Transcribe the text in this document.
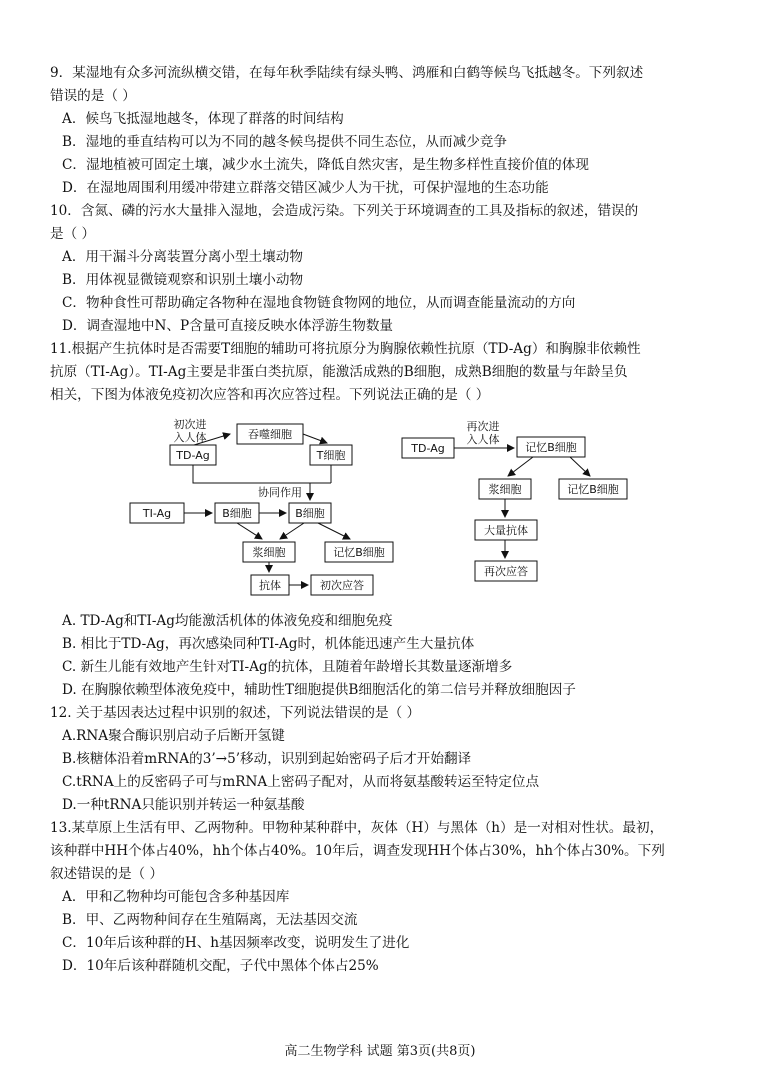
9．某湿地有众多河流纵横交错，在每年秋季陆续有绿头鸭、鸿雁和白鹤等候鸟飞抵越冬。下列叙述
错误的是（ ）
A．候鸟飞抵湿地越冬，体现了群落的时间结构
B．湿地的垂直结构可以为不同的越冬候鸟提供不同生态位，从而减少竞争
C．湿地植被可固定土壤，减少水土流失，降低自然灾害，是生物多样性直接价值的体现
D．在湿地周围利用缓冲带建立群落交错区减少人为干扰，可保护湿地的生态功能
10．含氮、磷的污水大量排入湿地，会造成污染。下列关于环境调查的工具及指标的叙述，错误的
是（ ）
A．用干漏斗分离装置分离小型土壤动物
B．用体视显微镜观察和识别土壤小动物
C．物种食性可帮助确定各物种在湿地食物链食物网的地位，从而调查能量流动的方向
D．调查湿地中N、P含量可直接反映水体浮游生物数量
11.根据产生抗体时是否需要T细胞的辅助可将抗原分为胸腺依赖性抗原（TD-Ag）和胸腺非依赖性
抗原（TI-Ag）。TI-Ag主要是非蛋白类抗原，能激活成熟的B细胞，成熟B细胞的数量与年龄呈负
相关，下图为体液免疫初次应答和再次应答过程。下列说法正确的是（ ）
初次进
入人体
TD-Ag
吞噬细胞
T细胞
协同作用
TI-Ag	B细胞	B细胞
浆细胞	记忆B细胞
抗体	初次应答
再次进
入人体
TD-Ag	记忆B细胞
浆细胞	记忆B细胞
大量抗体
再次应答
A. TD-Ag和TI-Ag均能激活机体的体液免疫和细胞免疫
B. 相比于TD-Ag，再次感染同种TI-Ag时，机体能迅速产生大量抗体
C. 新生儿能有效地产生针对TI-Ag的抗体，且随着年龄增长其数量逐渐增多
D. 在胸腺依赖型体液免疫中，辅助性T细胞提供B细胞活化的第二信号并释放细胞因子
12. 关于基因表达过程中识别的叙述，下列说法错误的是（ ）
A.RNA聚合酶识别启动子后断开氢键
B.核糖体沿着mRNA的3’→5’移动，识别到起始密码子后才开始翻译
C.tRNA上的反密码子可与mRNA上密码子配对，从而将氨基酸转运至特定位点
D.一种tRNA只能识别并转运一种氨基酸
13.某草原上生活有甲、乙两物种。甲物种某种群中，灰体（H）与黑体（h）是一对相对性状。最初，
该种群中HH个体占40%，hh个体占40%。10年后，调查发现HH个体占30%，hh个体占30%。下列
叙述错误的是（ ）
A．甲和乙物种均可能包含多种基因库
B．甲、乙两物种间存在生殖隔离，无法基因交流
C．10年后该种群的H、h基因频率改变，说明发生了进化
D．10年后该种群随机交配，子代中黑体个体占25%
高二生物学科 试题 第3页(共8页)
